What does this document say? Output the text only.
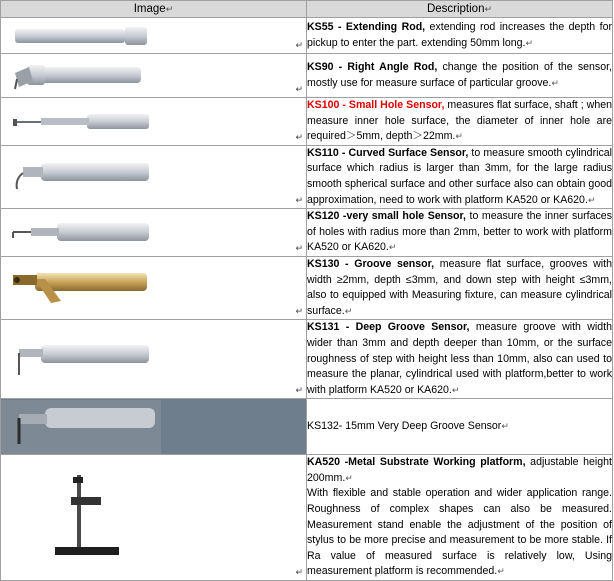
Image↵	Description↵

↵	KS55 - Extending Rod, extending rod increases the depth for pickup to enter the part. extending 50mm long.↵

↵	KS90 - Right Angle Rod, change the position of the sensor, mostly use for measure surface of particular groove.↵

↵	KS100 - Small Hole Sensor, measures flat surface, shaft ; when measure inner hole surface, the diameter of inner hole are required＞5mm, depth＞22mm.↵

↵	KS110 - Curved Surface Sensor, to measure smooth cylindrical surface which radius is larger than 3mm, for the large radius smooth spherical surface and other surface also can obtain good approximation, need to work with platform KA520 or KA620.↵

↵	KS120 -very small hole Sensor, to measure the inner surfaces of holes with radius more than 2mm, better to work with platform KA520 or KA620.↵

↵	KS130 - Groove sensor, measure flat surface, grooves with width ≥2mm, depth ≤3mm, and down step with height ≤3mm, also to equipped with Measuring fixture, can measure cylindrical surface.↵

↵	KS131 - Deep Groove Sensor, measure groove with width wider than 3mm and depth deeper than 10mm, or the surface roughness of step with height less than 10mm, also can used to measure the planar, cylindrical used with platform,better to work with platform KA520 or KA620.↵

	KS132- 15mm Very Deep Groove Sensor↵

↵	KA520 -Metal Substrate Working platform, adjustable height 200mm.↵
With flexible and stable operation and wider application range. Roughness of complex shapes can also be measured. Measurement stand enable the adjustment of the position of stylus to be more precise and measurement to be more stable. If Ra value of measured surface is relatively low, Using measurement platform is recommended.↵
